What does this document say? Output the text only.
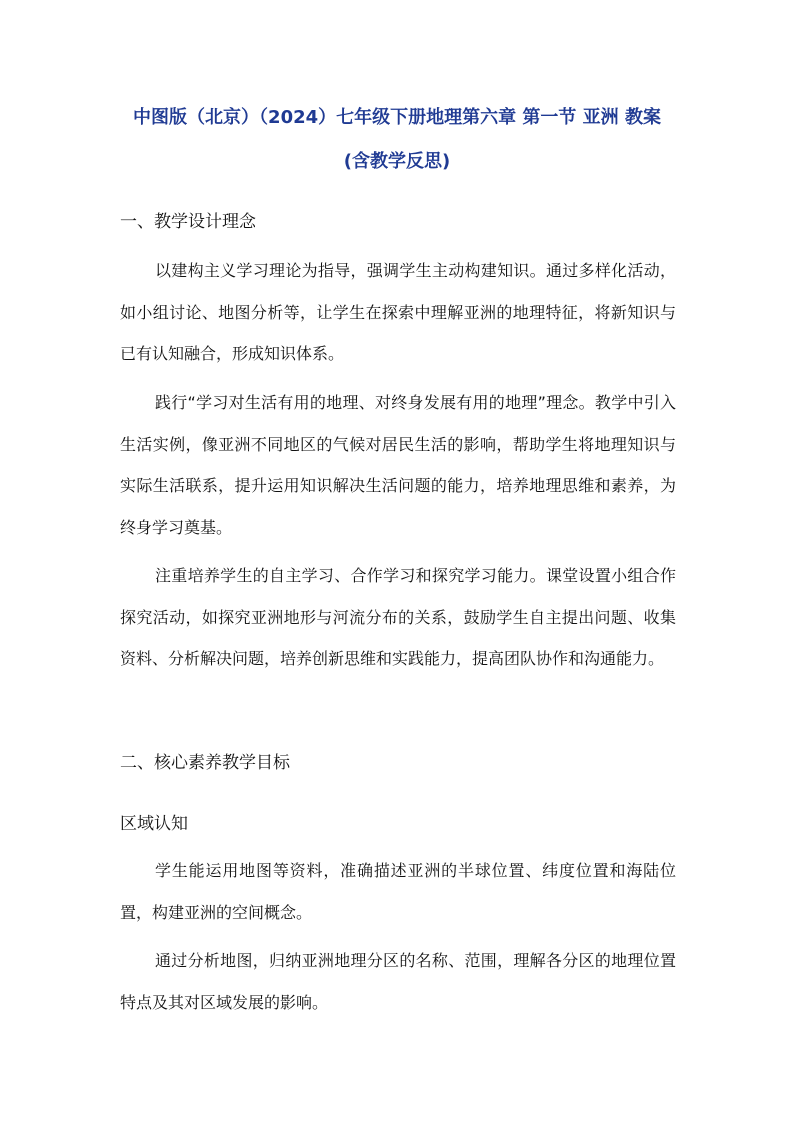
中图版（北京）（2024）七年级下册地理第六章 第一节 亚洲 教案
(含教学反思)
一、教学设计理念

以建构主义学习理论为指导，强调学生主动构建知识。通过多样化活动，如小组讨论、地图分析等，让学生在探索中理解亚洲的地理特征，将新知识与已有认知融合，形成知识体系。

践行“学习对生活有用的地理、对终身发展有用的地理”理念。教学中引入生活实例，像亚洲不同地区的气候对居民生活的影响，帮助学生将地理知识与实际生活联系，提升运用知识解决生活问题的能力，培养地理思维和素养，为终身学习奠基。

注重培养学生的自主学习、合作学习和探究学习能力。课堂设置小组合作探究活动，如探究亚洲地形与河流分布的关系，鼓励学生自主提出问题、收集资料、分析解决问题，培养创新思维和实践能力，提高团队协作和沟通能力。

二、核心素养教学目标
区域认知

学生能运用地图等资料，准确描述亚洲的半球位置、纬度位置和海陆位置，构建亚洲的空间概念。

通过分析地图，归纳亚洲地理分区的名称、范围，理解各分区的地理位置特点及其对区域发展的影响。
